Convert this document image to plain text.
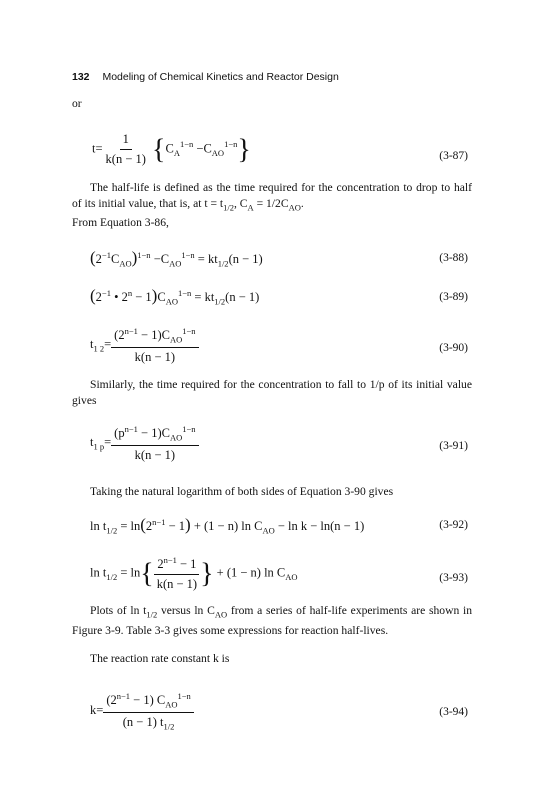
132 Modeling of Chemical Kinetics and Reactor Design
or
$t= \frac{1}{k(n - 1)} \{C_A^{1-n} -C_{AO}^{1-n}\}$	(3-87)
The half-life is defined as the time required for the concentration to drop to half of its initial value, that is, at $t = t_{1/2}$, $C_A = 1/2C_{AO}$.
From Equation 3-86,
$(2^{-1}C_{AO})^{1-n} -C_{AO}^{1-n} = kt_{1/2}(n - 1)$	(3-88)
($2^{-1}$ • $2^n - 1)C_{AO}^{1-n} = kt_{1/2}(n - 1)$	(3-89)
$t_{1 2}= \frac{(2^{n-1} - 1)C_{AO}^{1-n}}{k(n - 1)}$	(3-90)
Similarly, the time required for the concentration to fall to 1/p of its initial value gives
$t_{1 p}= \frac{(p^{n-1} - 1)C_{AO}^{1-n}}{k(n - 1)}$	(3-91)
Taking the natural logarithm of both sides of Equation 3-90 gives
$\ln t_{1/2} = \ln(2^{n-1} - 1) + (1 - n)$ $\ln C_{AO} - \ln k - \ln(n - 1)$	(3-92)
$\ln t_{1/2} = \ln\{ \frac{2^{n-1} - 1}{k(n - 1)}$ } + (1 − n) $\ln C_{AO}$	(3-93)
Plots of $\ln t_{1/2}$ versus $\ln C_{AO}$ from a series of half-life experiments are shown in Figure 3-9. Table 3-3 gives some expressions for reaction half-lives.
The reaction rate constant k is
$k= \frac{(2^{n-1} - 1) C_{AO}^{1-n}}{(n - 1) t_{1/2}}$	(3-94)
